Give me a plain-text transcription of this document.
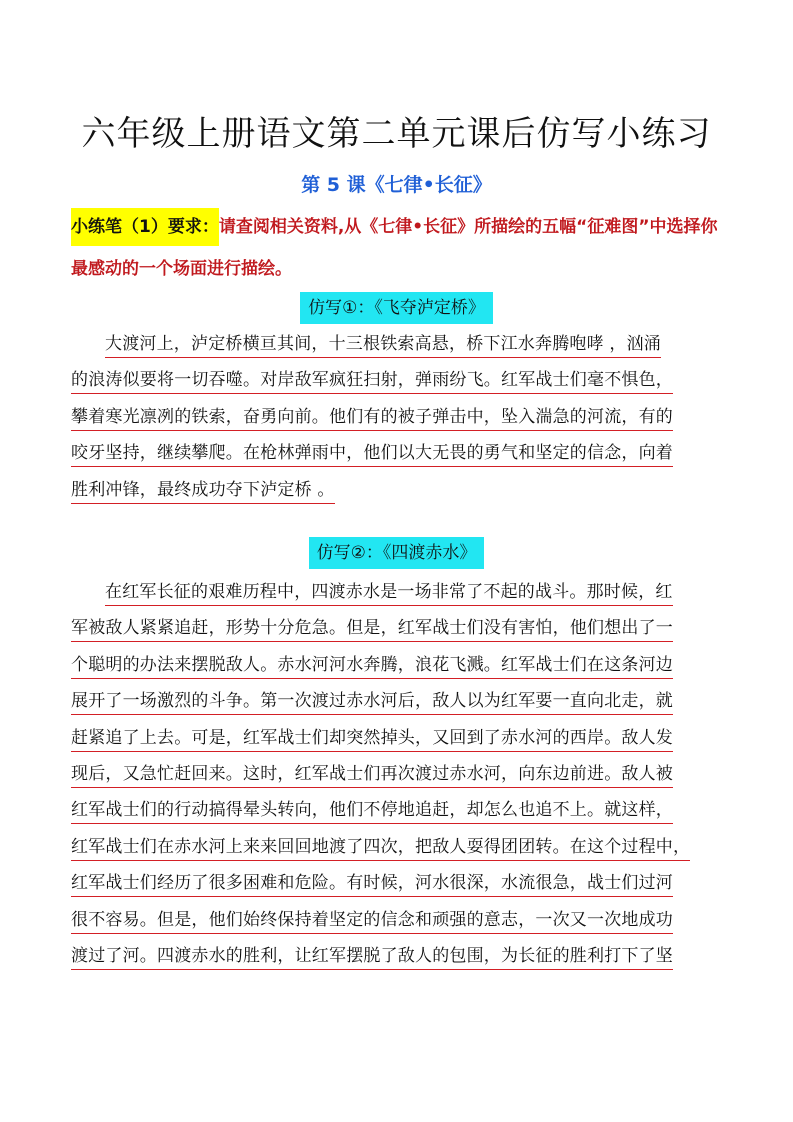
六年级上册语文第二单元课后仿写小练习
第 5 课《七律•长征》
小练笔（1）要求：请查阅相关资料,从《七律•长征》所描绘的五幅“征难图”中选择你最感动的一个场面进行描绘。
仿写①：《飞夺泸定桥》
大渡河上，泸定桥横亘其间，十三根铁索高悬，桥下江水奔腾咆哮 ，汹涌
的浪涛似要将一切吞噬。对岸敌军疯狂扫射，弹雨纷飞。红军战士们毫不惧色，
攀着寒光凛冽的铁索，奋勇向前。他们有的被子弹击中，坠入湍急的河流，有的
咬牙坚持，继续攀爬。在枪林弹雨中，他们以大无畏的勇气和坚定的信念，向着
胜利冲锋，最终成功夺下泸定桥 。
仿写②：《四渡赤水》
在红军长征的艰难历程中，四渡赤水是一场非常了不起的战斗。那时候，红
军被敌人紧紧追赶，形势十分危急。但是，红军战士们没有害怕，他们想出了一
个聪明的办法来摆脱敌人。赤水河河水奔腾，浪花飞溅。红军战士们在这条河边
展开了一场激烈的斗争。第一次渡过赤水河后，敌人以为红军要一直向北走，就
赶紧追了上去。可是，红军战士们却突然掉头，又回到了赤水河的西岸。敌人发
现后，又急忙赶回来。这时，红军战士们再次渡过赤水河，向东边前进。敌人被
红军战士们的行动搞得晕头转向，他们不停地追赶，却怎么也追不上。就这样，
红军战士们在赤水河上来来回回地渡了四次，把敌人耍得团团转。在这个过程中，
红军战士们经历了很多困难和危险。有时候，河水很深，水流很急，战士们过河
很不容易。但是，他们始终保持着坚定的信念和顽强的意志，一次又一次地成功
渡过了河。四渡赤水的胜利，让红军摆脱了敌人的包围，为长征的胜利打下了坚
